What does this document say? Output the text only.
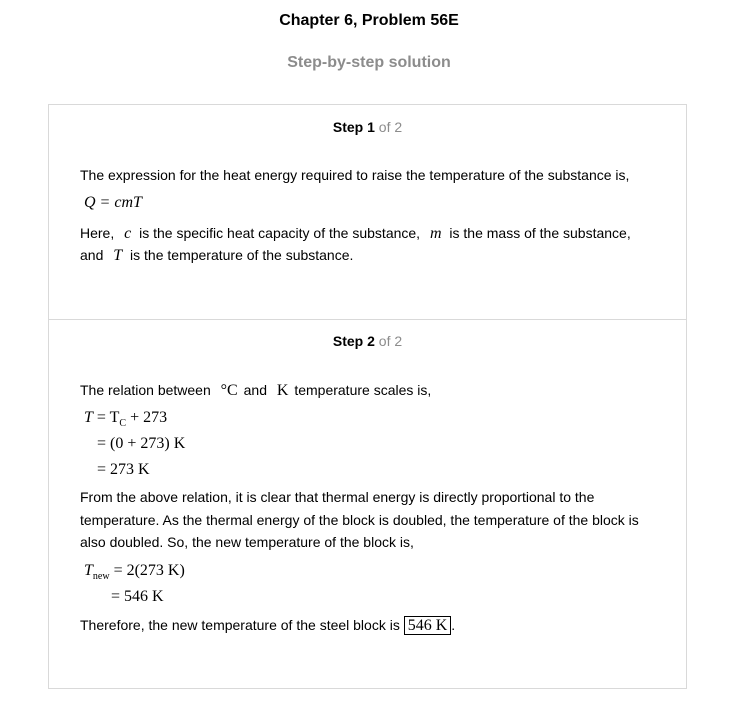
Chapter 6, Problem 56E
Step-by-step solution
Step 1 of 2
The expression for the heat energy required to raise the temperature of the substance is,
Q = cmT
Here, c is the specific heat capacity of the substance, m is the mass of the substance,
and T is the temperature of the substance.
Step 2 of 2
The relation between °C and K temperature scales is,
$T = T_C + 273$
= (0 + 273) K
= 273 K
From the above relation, it is clear that thermal energy is directly proportional to the
temperature. As the thermal energy of the block is doubled, the temperature of the block is
also doubled. So, the new temperature of the block is,
$T_{new} = 2(273$ K)
= 546 K
Therefore, the new temperature of the steel block is 546 K .
